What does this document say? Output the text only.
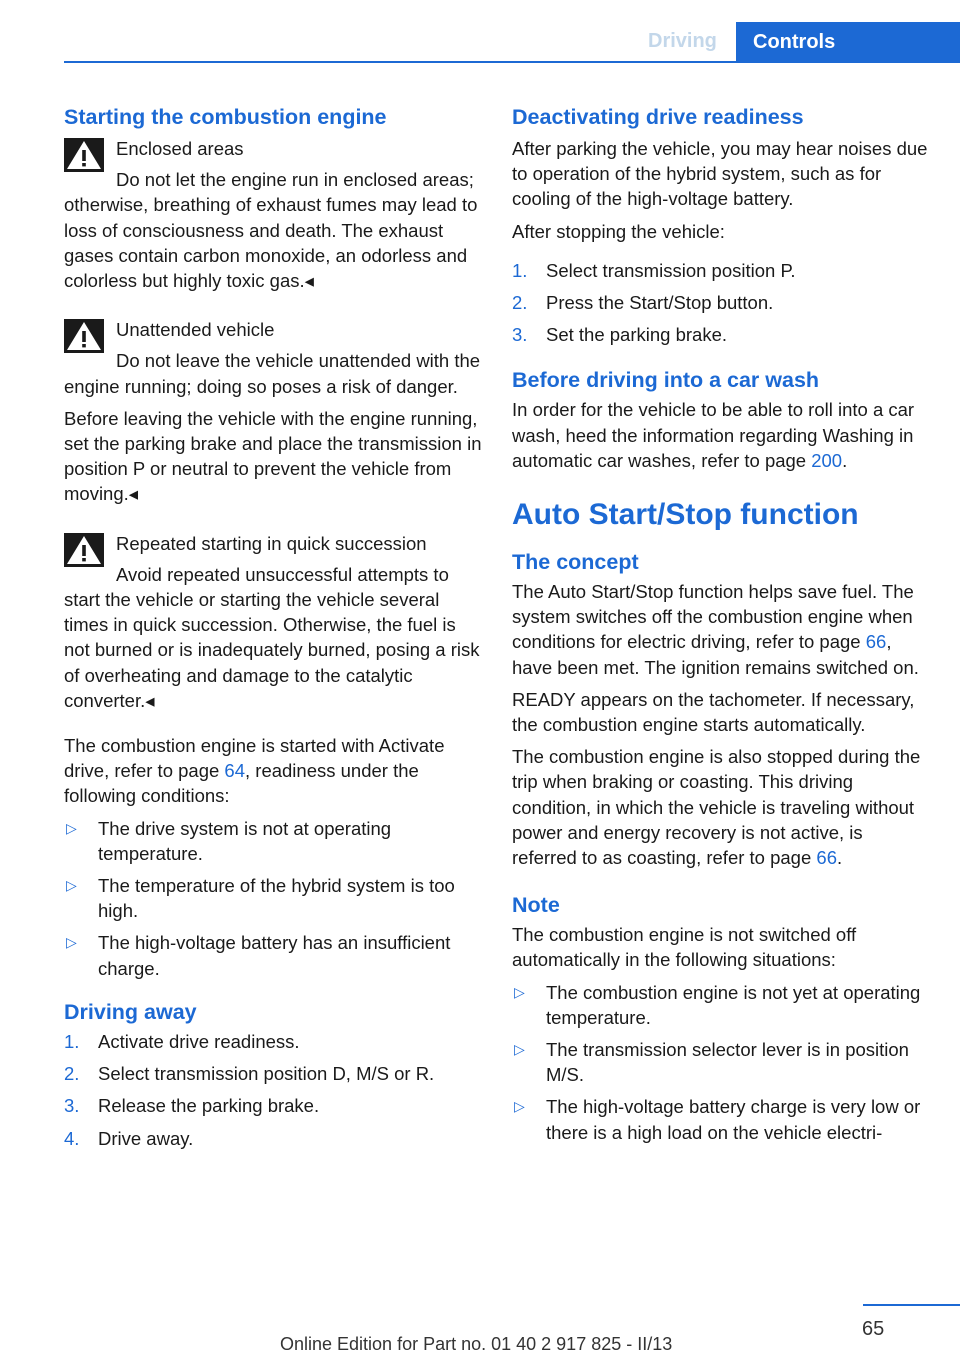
Driving	Controls
Starting the combustion engine
Enclosed areas
Do not let the engine run in enclosed areas; otherwise, breathing of exhaust fumes may lead to loss of consciousness and death. The exhaust gases contain carbon monoxide, an odorless and colorless but highly toxic gas.◂
Unattended vehicle
Do not leave the vehicle unattended with the engine running; doing so poses a risk of danger.
Before leaving the vehicle with the engine running, set the parking brake and place the transmission in position P or neutral to prevent the vehicle from moving.◂
Repeated starting in quick succession
Avoid repeated unsuccessful attempts to start the vehicle or starting the vehicle several times in quick succession. Otherwise, the fuel is not burned or is inadequately burned, posing a risk of overheating and damage to the catalytic converter.◂
The combustion engine is started with Activate drive, refer to page 64, readiness under the following conditions:
▷ The drive system is not at operating temperature.
▷ The temperature of the hybrid system is too high.
▷ The high-voltage battery has an insufficient charge.
Driving away
1. Activate drive readiness.
2. Select transmission position D, M/S or R.
3. Release the parking brake.
4. Drive away.
Deactivating drive readiness
After parking the vehicle, you may hear noises due to operation of the hybrid system, such as for cooling of the high-voltage battery.
After stopping the vehicle:
1. Select transmission position P.
2. Press the Start/Stop button.
3. Set the parking brake.
Before driving into a car wash
In order for the vehicle to be able to roll into a car wash, heed the information regarding Washing in automatic car washes, refer to page 200.
Auto Start/Stop function
The concept
The Auto Start/Stop function helps save fuel. The system switches off the combustion engine when conditions for electric driving, refer to page 66, have been met. The ignition remains switched on.
READY appears on the tachometer. If necessary, the combustion engine starts automatically.
The combustion engine is also stopped during the trip when braking or coasting. This driving condition, in which the vehicle is traveling without power and energy recovery is not active, is referred to as coasting, refer to page 66.
Note
The combustion engine is not switched off automatically in the following situations:
▷ The combustion engine is not yet at operating temperature.
▷ The transmission selector lever is in position M/S.
▷ The high-voltage battery charge is very low or there is a high load on the vehicle electri-
65
Online Edition for Part no. 01 40 2 917 825 - II/13
